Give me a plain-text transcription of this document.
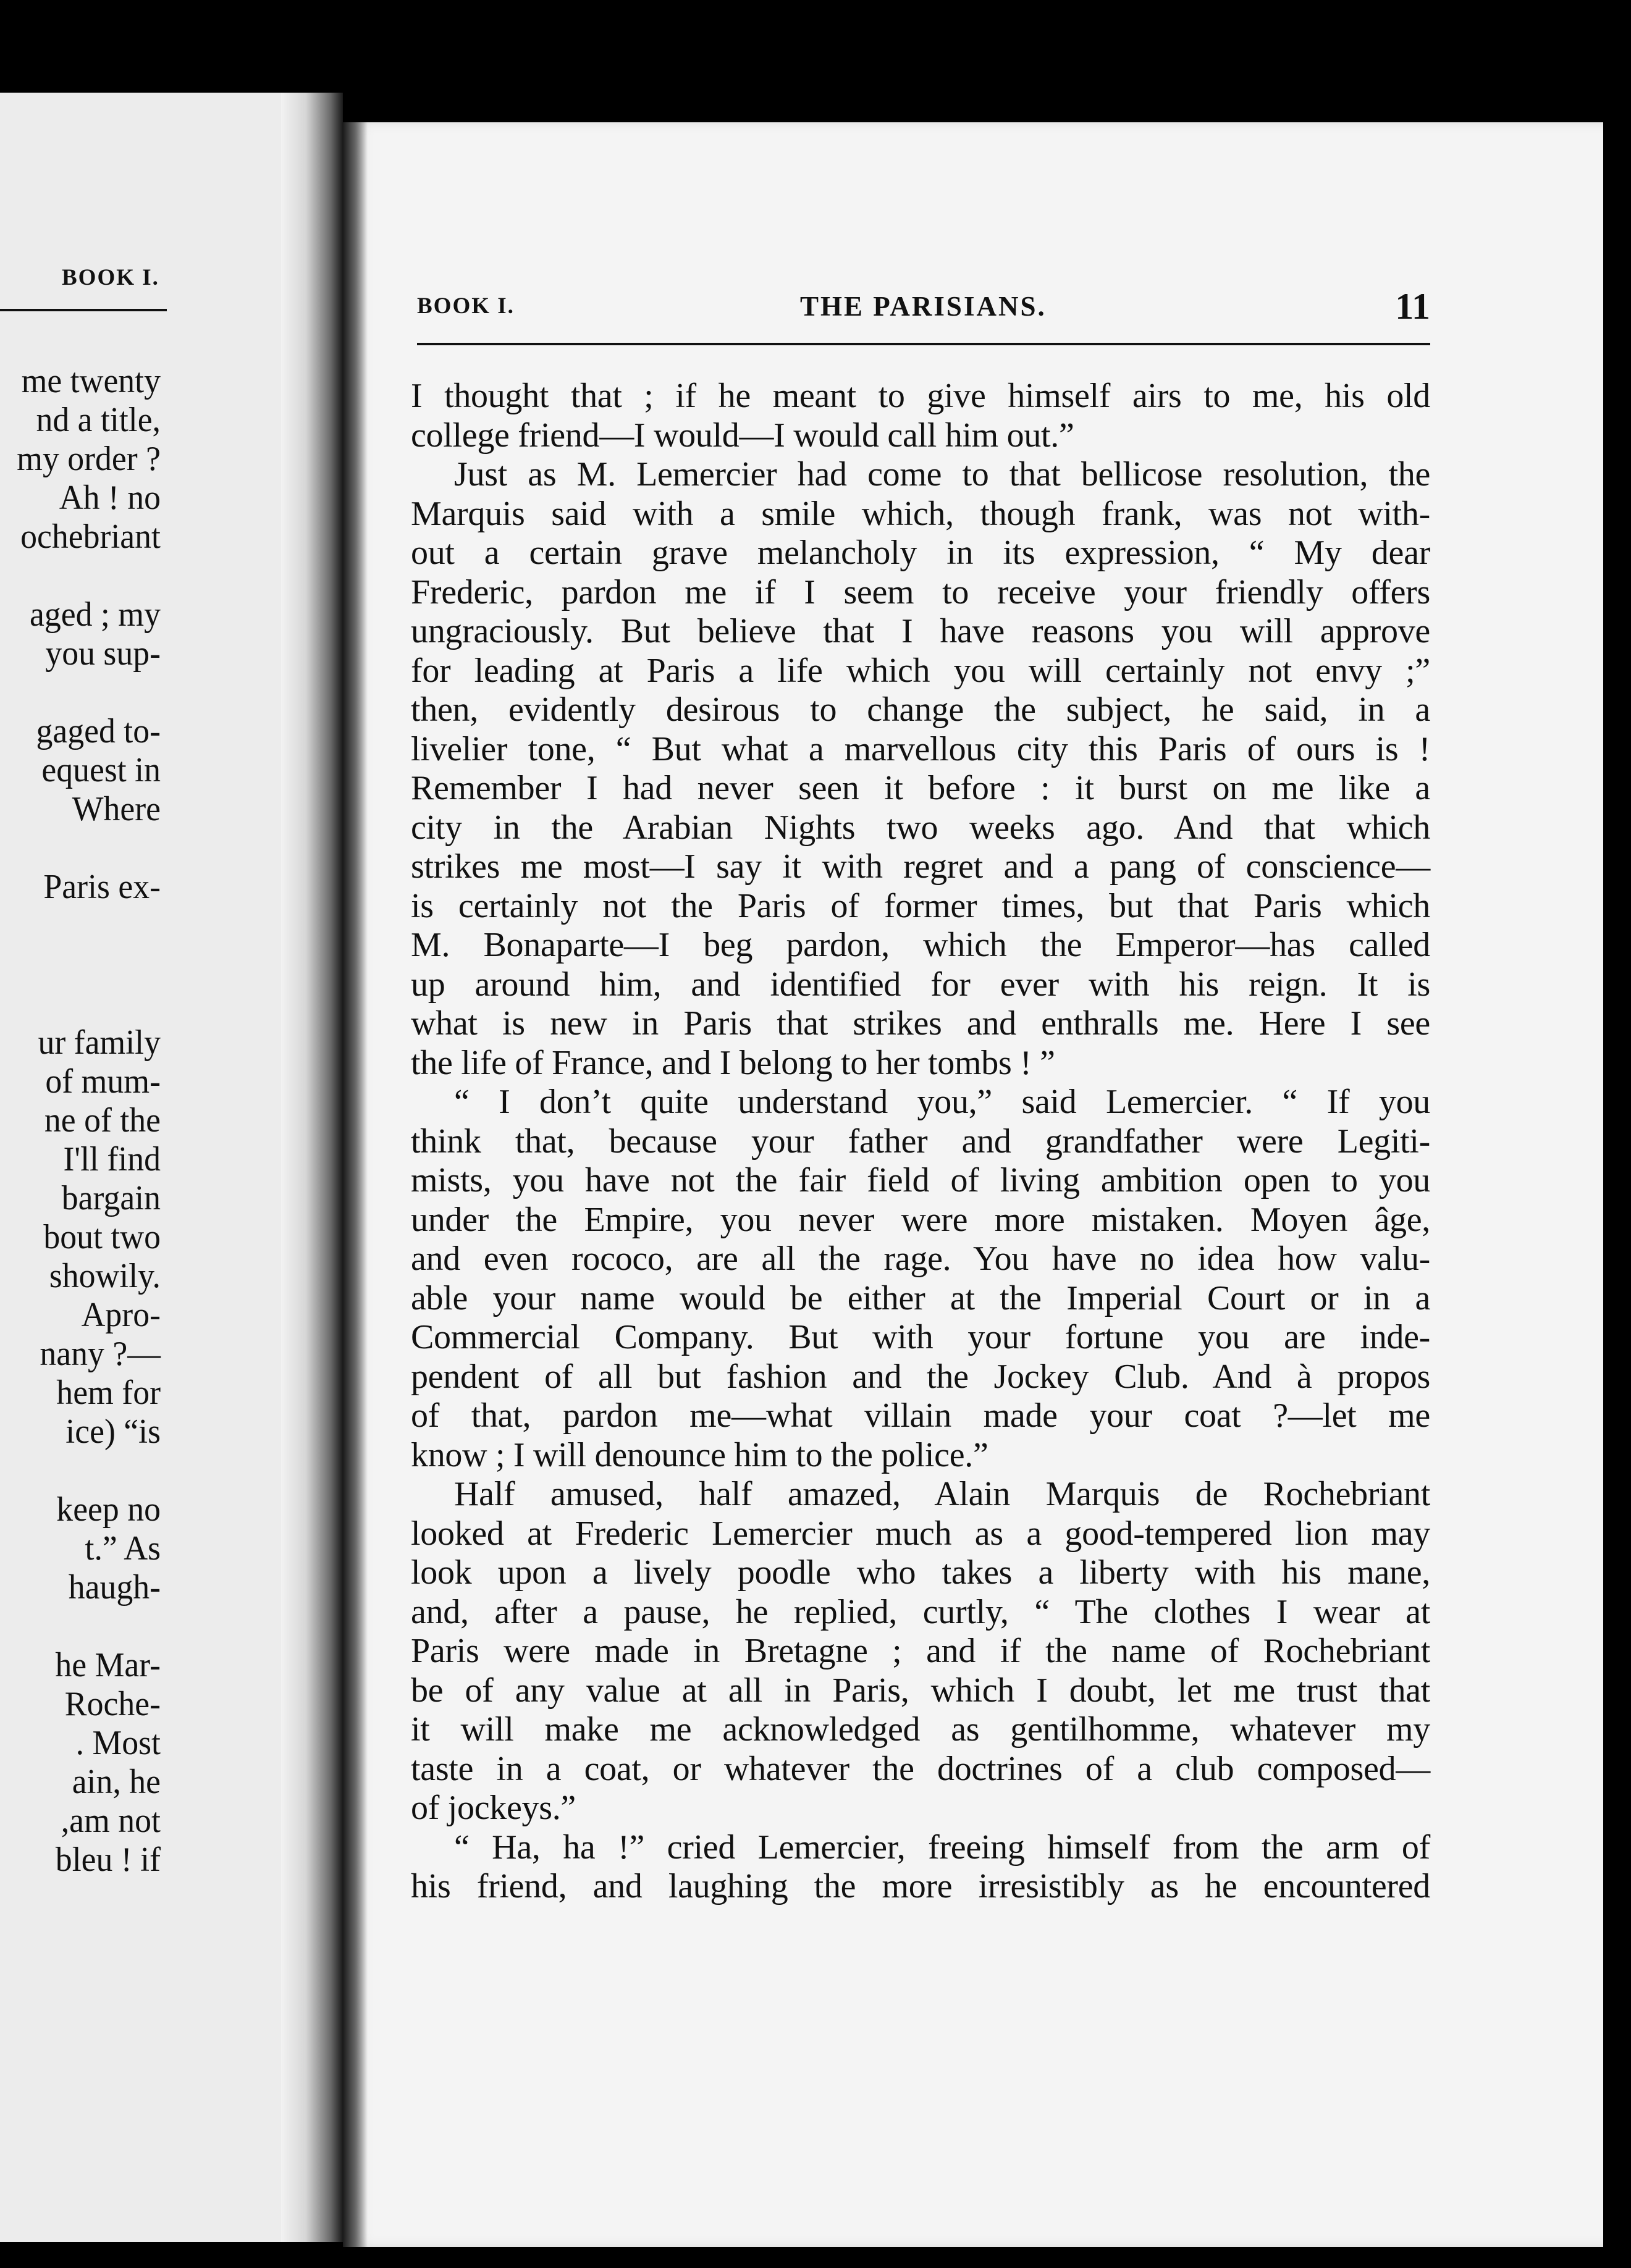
BOOK I.
me twenty
nd a title,
my order ?
Ah ! no
ochebriant

aged ; my
you sup-

gaged to-
equest in
Where

Paris ex-

ur family
of mum-
ne of the
I'll find
bargain
bout two
showily.
Apro-
nany ?—
hem for
ice) “is

keep no
t.” As
haugh-

he Mar-
Roche-
. Most
ain, he
,am not
bleu ! if
BOOK I.	THE PARISIANS.	11
I thought that ; if he meant to give himself airs to me, his old
college friend—I would—I would call him out.”
Just as M. Lemercier had come to that bellicose resolution, the
Marquis said with a smile which, though frank, was not with-
out a certain grave melancholy in its expression, “ My dear
Frederic, pardon me if I seem to receive your friendly offers
ungraciously. But believe that I have reasons you will approve
for leading at Paris a life which you will certainly not envy ;”
then, evidently desirous to change the subject, he said, in a
livelier tone, “ But what a marvellous city this Paris of ours is !
Remember I had never seen it before : it burst on me like a
city in the Arabian Nights two weeks ago. And that which
strikes me most—I say it with regret and a pang of conscience—
is certainly not the Paris of former times, but that Paris which
M. Bonaparte—I beg pardon, which the Emperor—has called
up around him, and identified for ever with his reign. It is
what is new in Paris that strikes and enthralls me. Here I see
the life of France, and I belong to her tombs ! ”
“ I don’t quite understand you,” said Lemercier. “ If you
think that, because your father and grandfather were Legiti-
mists, you have not the fair field of living ambition open to you
under the Empire, you never were more mistaken. Moyen âge,
and even rococo, are all the rage. You have no idea how valu-
able your name would be either at the Imperial Court or in a
Commercial Company. But with your fortune you are inde-
pendent of all but fashion and the Jockey Club. And à propos
of that, pardon me—what villain made your coat ?—let me
know ; I will denounce him to the police.”
Half amused, half amazed, Alain Marquis de Rochebriant
looked at Frederic Lemercier much as a good-tempered lion may
look upon a lively poodle who takes a liberty with his mane,
and, after a pause, he replied, curtly, “ The clothes I wear at
Paris were made in Bretagne ; and if the name of Rochebriant
be of any value at all in Paris, which I doubt, let me trust that
it will make me acknowledged as gentilhomme, whatever my
taste in a coat, or whatever the doctrines of a club composed—
of jockeys.”
“ Ha, ha !” cried Lemercier, freeing himself from the arm of
his friend, and laughing the more irresistibly as he encountered
